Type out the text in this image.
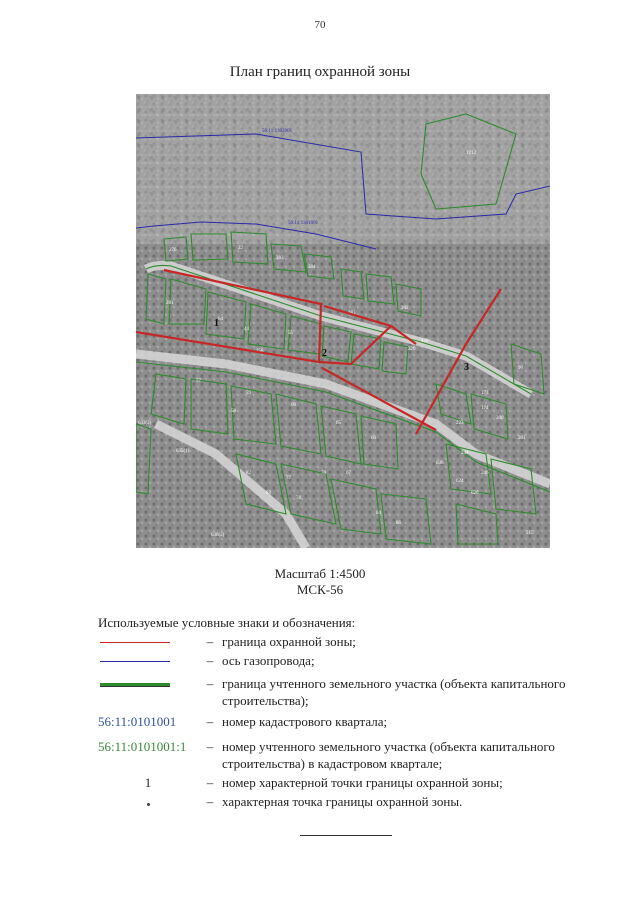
70
План границ охранной зоны
56:11:1302001
56:11:1301001
1212
276	22
283
284
281
44
55
258
64
183
57
59
58
60
65
66
67
77
78
70
82
83
84
86
96
173
174
200
201
215
223
244
246
262
320
430
624
626
636
633(2)
635(1)
636(2)
1
2
3
Масштаб 1:4500
МСК-56
Используемые условные знаки и обозначения:
– граница охранной зоны;
– ось газопровода;
– граница учтенного земельного участка (объекта капитального строительства);
56:11:0101001	– номер кадастрового квартала;
56:11:0101001:1	– номер учтенного земельного участка (объекта капитального строительства) в кадастровом квартале;
1	– номер характерной точки границы охранной зоны;
– характерная точка границы охранной зоны.
